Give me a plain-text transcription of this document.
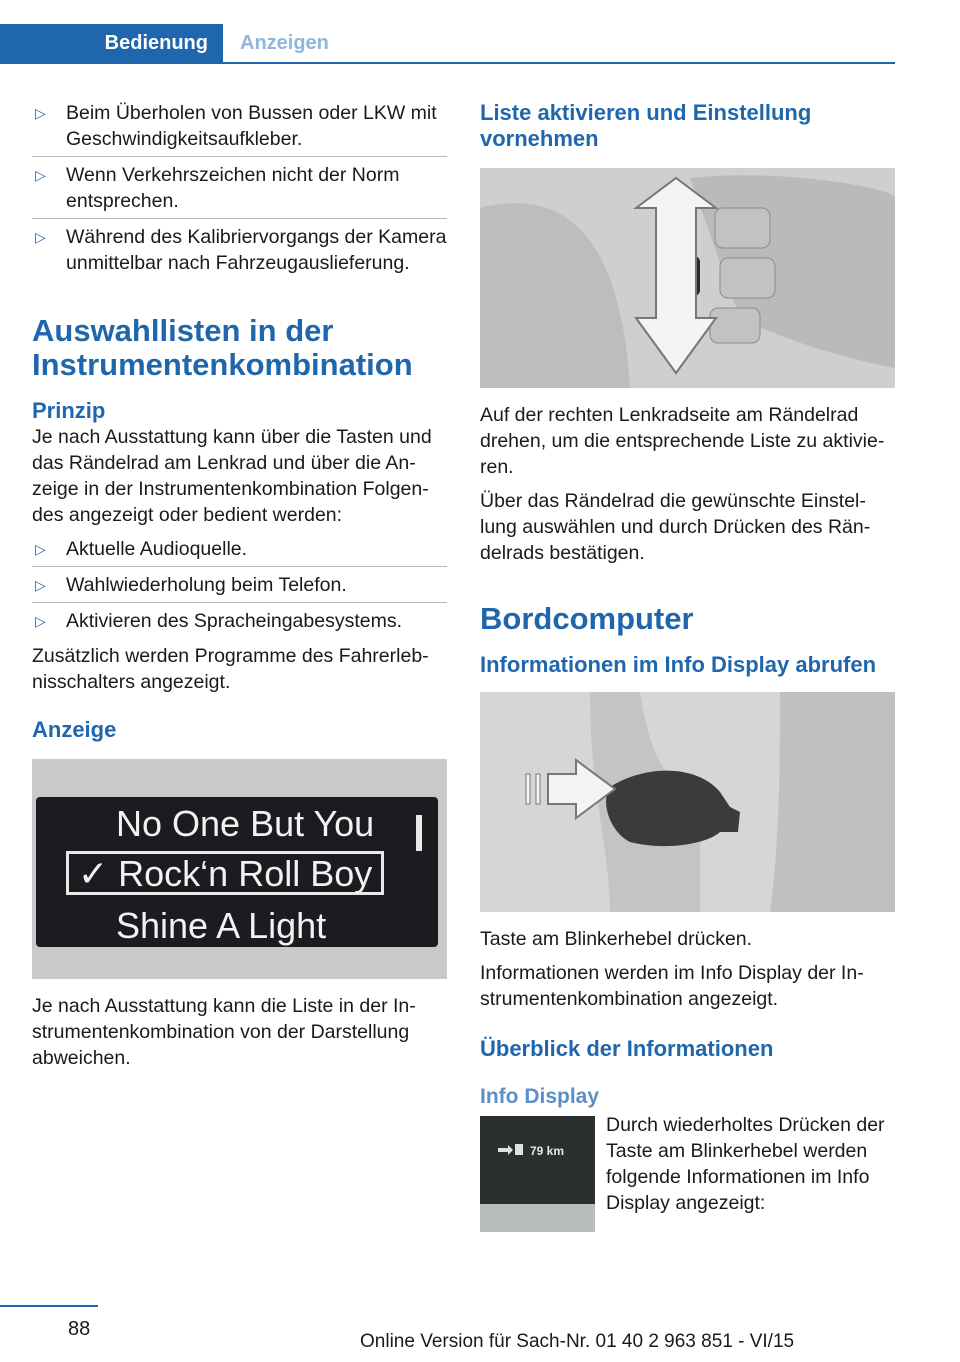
Bedienung	Anzeigen
▷ Beim Überholen von Bussen oder LKW mit Geschwindigkeitsaufkleber.
▷ Wenn Verkehrszeichen nicht der Norm entsprechen.
▷ Während des Kalibriervorgangs der Kamera unmittelbar nach Fahrzeugauslieferung.
Auswahllisten in der Instrumentenkombination
Prinzip

Je nach Ausstattung kann über die Tasten und das Rändelrad am Lenkrad und über die Anzeige in der Instrumentenkombination Folgendes angezeigt oder bedient werden:

▷ Aktuelle Audioquelle.
▷ Wahlwiederholung beim Telefon.
▷ Aktivieren des Spracheingabesystems.

Zusätzlich werden Programme des Fahrerlebnisschalters angezeigt.

Anzeige
No One But You
✓ Rock‘n Roll Boy
Shine A Light

Je nach Ausstattung kann die Liste in der Instrumentenkombination von der Darstellung abweichen.

Liste aktivieren und Einstellung vornehmen

Auf der rechten Lenkradseite am Rändelrad drehen, um die entsprechende Liste zu aktivieren.

Über das Rändelrad die gewünschte Einstellung auswählen und durch Drücken des Rändelrads bestätigen.

Bordcomputer
Informationen im Info Display abrufen

Taste am Blinkerhebel drücken.

Informationen werden im Info Display der Instrumentenkombination angezeigt.

Überblick der Informationen
Info Display
79 km

Durch wiederholtes Drücken der Taste am Blinkerhebel werden folgende Informationen im Info Display angezeigt:

88
Online Version für Sach-Nr. 01 40 2 963 851 - VI/15
